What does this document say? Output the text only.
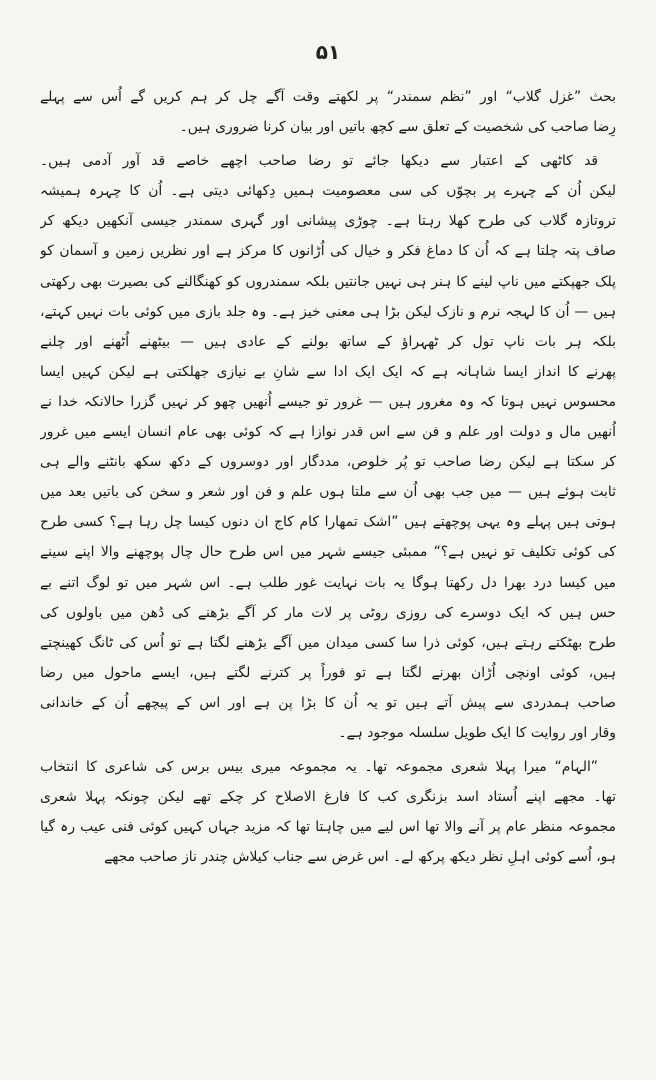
۵۱
بحث ”غزل گلاب“ اور ”نظم سمندر“ پر لکھتے وقت آگے چل کر ہم کریں گے اُس سے پہلے
رِضا صاحب کی شخصیت کے تعلق سے کچھ باتیں اور بیان کرنا ضروری ہیں۔
قد کاٹھی کے اعتبار سے دیکھا جائے تو رضا صاحب اچھے خاصے قد آور آدمی ہیں۔
لیکن اُن کے چہرے پر بچوّں کی سی معصومیت ہمیں دِکھائی دیتی ہے۔ اُن کا چہرہ ہمیشہ
تروتازہ گلاب کی طرح کھلا رہتا ہے۔ چوڑی پیشانی اور گہری سمندر جیسی آنکھیں دیکھ کر
صاف پتہ چلتا ہے کہ اُن کا دماغ فکر و خیال کی اُڑانوں کا مرکز ہے اور نظریں زمین و آسمان کو
پلک جھپکتے میں ناپ لینے کا ہنر ہی نہیں جانتیں بلکہ سمندروں کو کھنگالنے کی بصیرت بھی رکھتی
ہیں — اُن کا لہجہ نرم و نازک لیکن بڑا ہی معنی خیز ہے۔ وہ جلد بازی میں کوئی بات نہیں کہتے،
بلکہ ہر بات ناپ تول کر ٹھہراؤ کے ساتھ بولنے کے عادی ہیں — بیٹھنے اُٹھنے اور چلنے
پھرنے کا انداز ایسا شاہانہ ہے کہ ایک ایک ادا سے شانِ بے نیازی جھلکتی ہے لیکن کہیں ایسا
محسوس نہیں ہوتا کہ وہ مغرور ہیں — غرور تو جیسے اُنھیں چھو کر نہیں گزرا حالانکہ خدا نے
اُنھیں مال و دولت اور علم و فن سے اس قدر نوازا ہے کہ کوئی بھی عام انسان ایسے میں غرور
کر سکتا ہے لیکن رضا صاحب تو پُر خلوص، مددگار اور دوسروں کے دکھ سکھ بانٹنے والے ہی
ثابت ہوئے ہیں — میں جب بھی اُن سے ملتا ہوں علم و فن اور شعر و سخن کی باتیں بعد میں
ہوتی ہیں پہلے وہ یہی پوچھتے ہیں ”اشک تمھارا کام کاج ان دنوں کیسا چل رہا ہے؟ کسی طرح
کی کوئی تکلیف تو نہیں ہے؟“ ممبئی جیسے شہر میں اس طرح حال چال پوچھنے والا اپنے سینے
میں کیسا درد بھرا دل رکھتا ہوگا یہ بات نہایت غور طلب ہے۔ اس شہر میں تو لوگ اتنے بے
حس ہیں کہ ایک دوسرے کی روزی روٹی پر لات مار کر آگے بڑھنے کی دُھن میں باولوں کی
طرح بھٹکتے رہتے ہیں، کوئی ذرا سا کسی میدان میں آگے بڑھنے لگتا ہے تو اُس کی ٹانگ کھینچتے
ہیں، کوئی اونچی اُڑان بھرنے لگتا ہے تو فوراً پر کترنے لگتے ہیں، ایسے ماحول میں رضا
صاحب ہمدردی سے پیش آتے ہیں تو یہ اُن کا بڑا پن ہے اور اس کے پیچھے اُن کے خاندانی
وقار اور روایت کا ایک طویل سلسلہ موجود ہے۔
”الہام“ میرا پہلا شعری مجموعہ تھا۔ یہ مجموعہ میری بیس برس کی شاعری کا انتخاب
تھا۔ مجھے اپنے اُستاد اسد بزنگری کب کا فارغ الاصلاح کر چکے تھے لیکن چونکہ پہلا شعری
مجموعہ منظر عام پر آنے والا تھا اس لیے میں چاہتا تھا کہ مزید جہاں کہیں کوئی فنی عیب رہ گیا
ہو، اُسے کوئی اہلِ نظر دیکھ پرکھ لے۔ اس غرض سے جناب کیلاش چندر ناز صاحب مجھے
